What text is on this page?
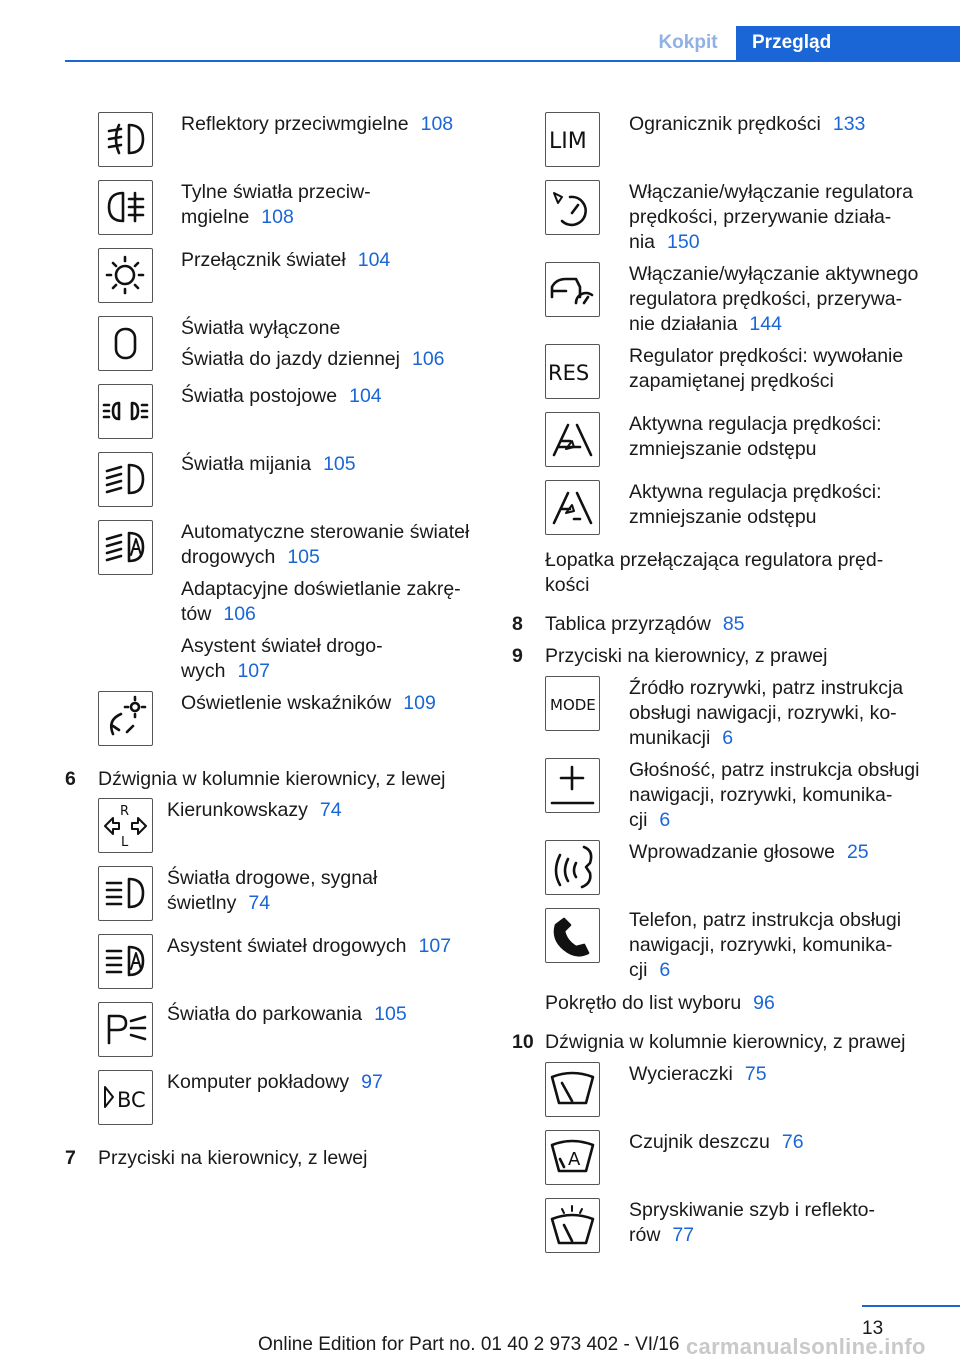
Kokpit	Przegląd
Reflektory przeciwmgielne 108
Tylne światła przeciw-
mgielne 108
Przełącznik świateł 104
Światła wyłączone
Światła do jazdy dziennej 106
Światła postojowe 104
Światła mijania 105
Automatyczne sterowanie świateł
drogowych 105
Adaptacyjne doświetlanie zakrę-
tów 106
Asystent świateł drogo-
wych 107
Oświetlenie wskaźników 109
6 Dźwignia w kolumnie kierownicy, z lewej
R
L
Kierunkowskazy 74
Światła drogowe, sygnał
świetlny 74
Asystent świateł drogowych 107
Światła do parkowania 105
BC
Komputer pokładowy 97
7 Przyciski na kierownicy, z lewej
LIM
Ogranicznik prędkości 133
Włączanie/wyłączanie regulatora
prędkości, przerywanie działa-
nia 150
Włączanie/wyłączanie aktywnego
regulatora prędkości, przerywa-
nie działania 144
RES
Regulator prędkości: wywołanie
zapamiętanej prędkości
Aktywna regulacja prędkości:
zmniejszanie odstępu
Aktywna regulacja prędkości:
zmniejszanie odstępu
Łopatka przełączająca regulatora pręd-
kości
8 Tablica przyrządów 85
9 Przyciski na kierownicy, z prawej
MODE
Źródło rozrywki, patrz instrukcja
obsługi nawigacji, rozrywki, ko-
munikacji 6
Głośność, patrz instrukcja obsługi
nawigacji, rozrywki, komunika-
cji 6
Wprowadzanie głosowe 25
Telefon, patrz instrukcja obsługi
nawigacji, rozrywki, komunika-
cji 6
Pokrętło do list wyboru 96
10 Dźwignia w kolumnie kierownicy, z prawej
Wycieraczki 75
A
Czujnik deszczu 76
Spryskiwanie szyb i reflekto-
rów 77
13
Online Edition for Part no. 01 40 2 973 402 - VI/16 carmanualsonline.info
